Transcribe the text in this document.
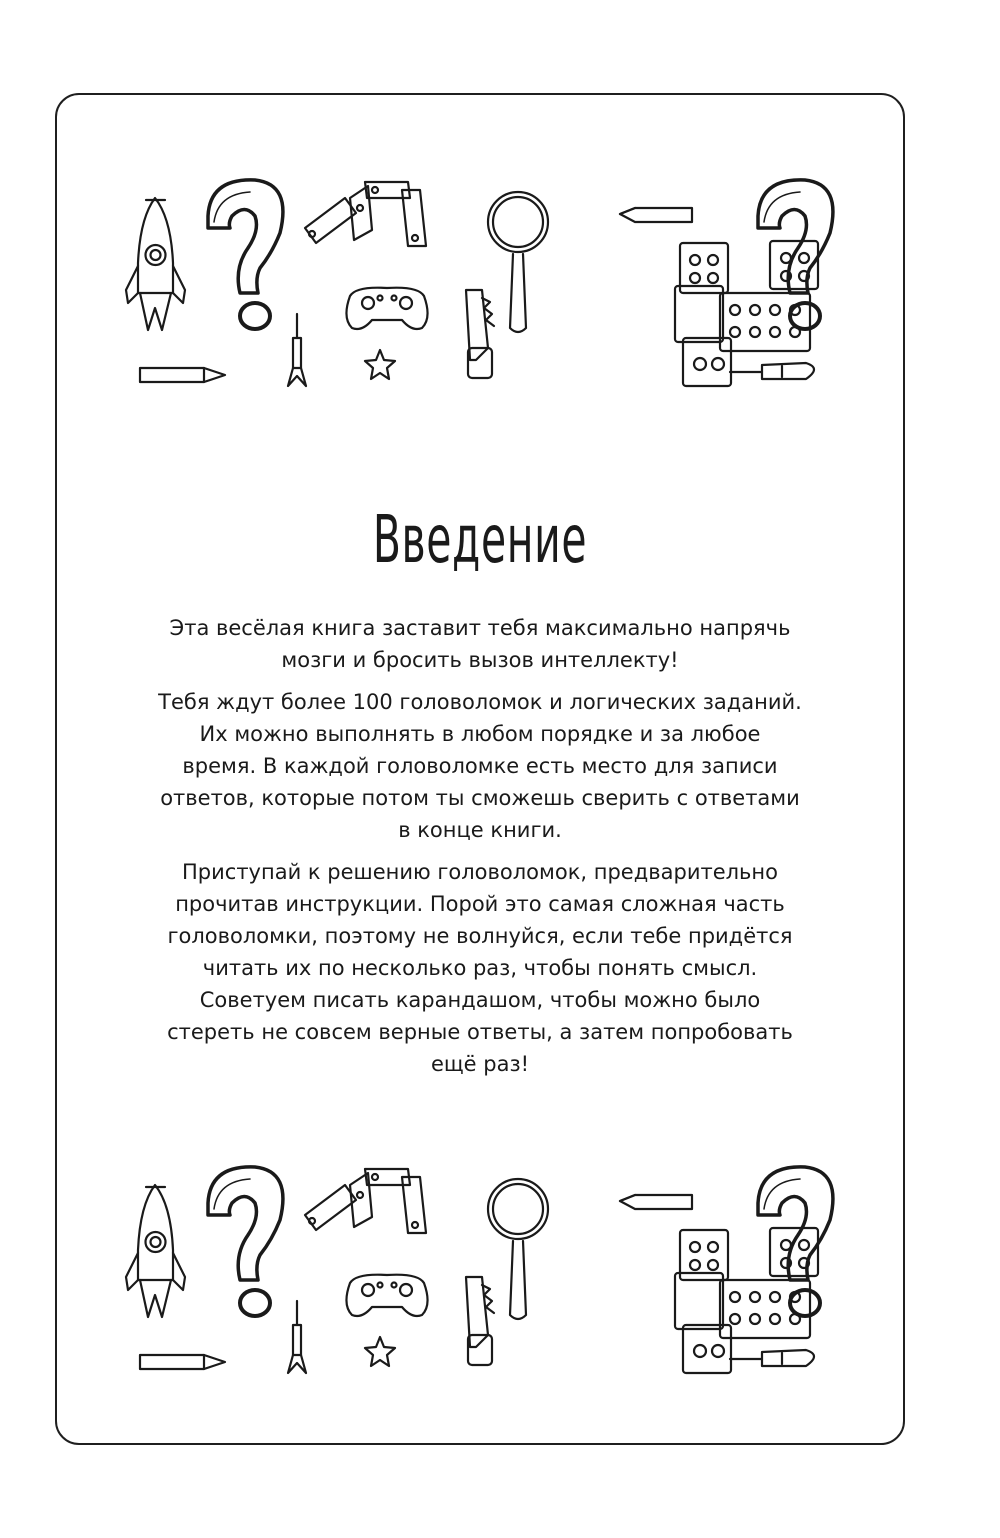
Введение

Эта весёлая книга заставит тебя максимально напрячь
мозги и бросить вызов интеллекту!

Тебя ждут более 100 головоломок и логических заданий.
Их можно выполнять в любом порядке и за любое
время. В каждой головоломке есть место для записи
ответов, которые потом ты сможешь сверить с ответами
в конце книги.

Приступай к решению головоломок, предварительно
прочитав инструкции. Порой это самая сложная часть
головоломки, поэтому не волнуйся, если тебе придётся
читать их по несколько раз, чтобы понять смысл.
Советуем писать карандашом, чтобы можно было
стереть не совсем верные ответы, а затем попробовать
ещё раз!
